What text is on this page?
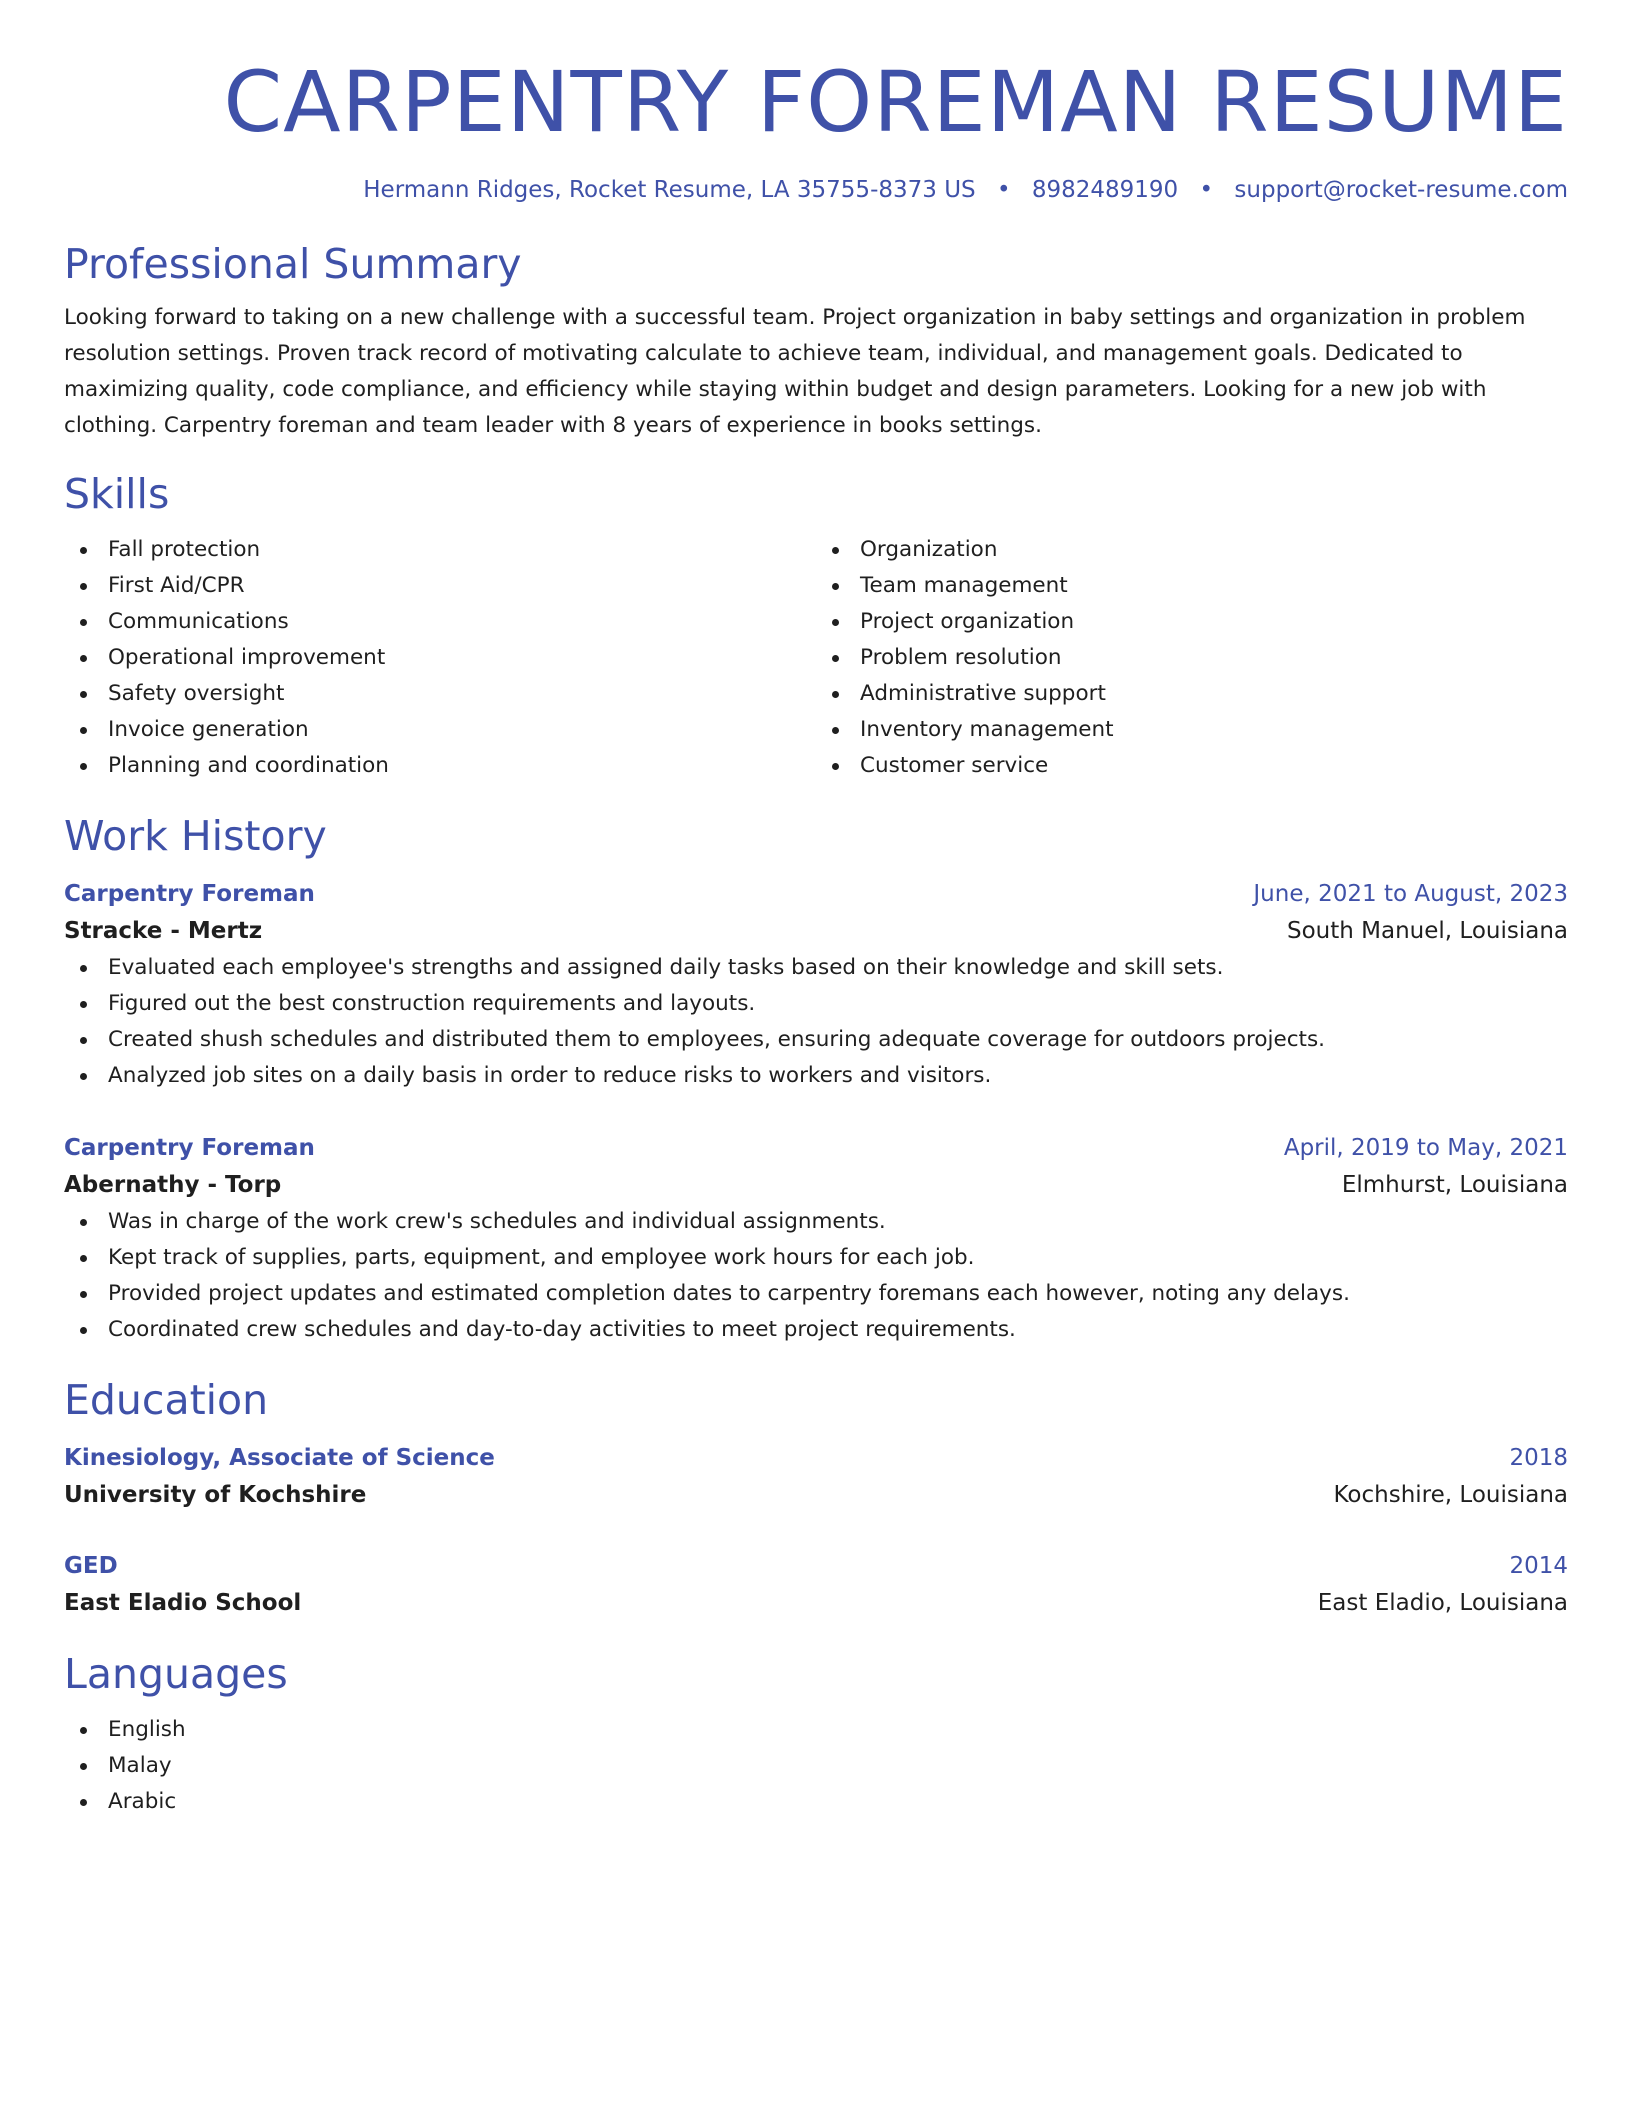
CARPENTRY FOREMAN RESUME
Hermann Ridges, Rocket Resume, LA 35755-8373 US • 8982489190 • support@rocket-resume.com
Professional Summary

Looking forward to taking on a new challenge with a successful team. Project organization in baby settings and organization in problem resolution settings. Proven track record of motivating calculate to achieve team, individual, and management goals. Dedicated to maximizing quality, code compliance, and efficiency while staying within budget and design parameters. Looking for a new job with clothing. Carpentry foreman and team leader with 8 years of experience in books settings.

Skills
Fall protection
First Aid/CPR
Communications
Operational improvement
Safety oversight
Invoice generation
Planning and coordination
Organization
Team management
Project organization
Problem resolution
Administrative support
Inventory management
Customer service
Work History
Carpentry Foreman	June, 2021 to August, 2023
Stracke - Mertz	South Manuel, Louisiana
Evaluated each employee's strengths and assigned daily tasks based on their knowledge and skill sets.
Figured out the best construction requirements and layouts.
Created shush schedules and distributed them to employees, ensuring adequate coverage for outdoors projects.
Analyzed job sites on a daily basis in order to reduce risks to workers and visitors.
Carpentry Foreman	April, 2019 to May, 2021
Abernathy - Torp	Elmhurst, Louisiana
Was in charge of the work crew's schedules and individual assignments.
Kept track of supplies, parts, equipment, and employee work hours for each job.
Provided project updates and estimated completion dates to carpentry foremans each however, noting any delays.
Coordinated crew schedules and day-to-day activities to meet project requirements.
Education
Kinesiology, Associate of Science	2018
University of Kochshire	Kochshire, Louisiana
GED	2014
East Eladio School	East Eladio, Louisiana
Languages
English
Malay
Arabic
